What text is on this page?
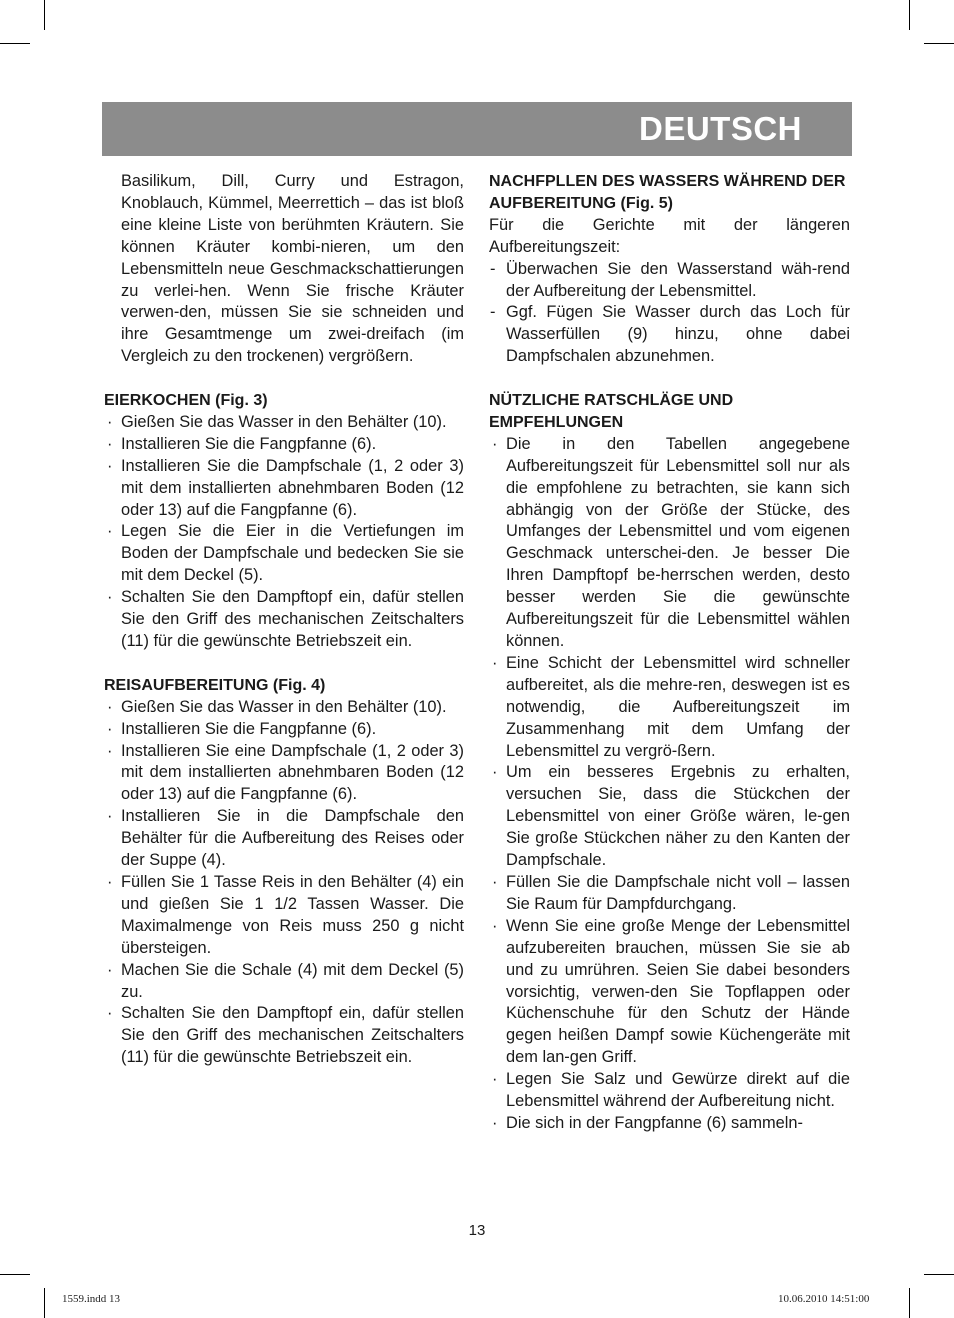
DEUTSCH
Basilikum, Dill, Curry und Estragon, Knoblauch, Kümmel, Meerrettich – das ist bloß eine kleine Liste von berühmten Kräutern. Sie können Kräuter kombi-nieren, um den Lebensmitteln neue Geschmackschattierungen zu verlei-hen. Wenn Sie frische Kräuter verwen-den, müssen Sie sie schneiden und ihre Gesamtmenge um zwei-dreifach (im Vergleich zu den trockenen) vergrößern.
EIERKOCHEN (Fig. 3)
· Gießen Sie das Wasser in den Behälter (10).
· Installieren Sie die Fangpfanne (6).
· Installieren Sie die Dampfschale (1, 2 oder 3) mit dem installierten abnehmbaren Boden (12 oder 13) auf die Fangpfanne (6).
· Legen Sie die Eier in die Vertiefungen im Boden der Dampfschale und bedecken Sie sie mit dem Deckel (5).
· Schalten Sie den Dampftopf ein, dafür stellen Sie den Griff des mechanischen Zeitschalters (11) für die gewünschte Betriebszeit ein.
REISAUFBEREITUNG (Fig. 4)
· Gießen Sie das Wasser in den Behälter (10).
· Installieren Sie die Fangpfanne (6).
· Installieren Sie eine Dampfschale (1, 2 oder 3) mit dem installierten abnehmbaren Boden (12 oder 13) auf die Fangpfanne (6).
· Installieren Sie in die Dampfschale den Behälter für die Aufbereitung des Reises oder der Suppe (4).
· Füllen Sie 1 Tasse Reis in den Behälter (4) ein und gießen Sie 1 1/2 Tassen Wasser. Die Maximalmenge von Reis muss 250 g nicht übersteigen.
· Machen Sie die Schale (4) mit dem Deckel (5) zu.
· Schalten Sie den Dampftopf ein, dafür stellen Sie den Griff des mechanischen Zeitschalters (11) für die gewünschte Betriebszeit ein.
NACHFPLLEN DES WASSERS WÄHREND DER AUFBEREITUNG (Fig. 5)
Für die Gerichte mit der längeren Aufbereitungszeit:
- Überwachen Sie den Wasserstand wäh-rend der Aufbereitung der Lebensmittel.
- Ggf. Fügen Sie Wasser durch das Loch für Wasserfüllen (9) hinzu, ohne dabei Dampfschalen abzunehmen.
NÜTZLICHE RATSCHLÄGE UND EMPFEHLUNGEN
· Die in den Tabellen angegebene Aufbereitungszeit für Lebensmittel soll nur als die empfohlene zu betrachten, sie kann sich abhängig von der Größe der Stücke, des Umfanges der Lebensmittel und vom eigenen Geschmack unterschei-den. Je besser Die Ihren Dampftopf be-herrschen werden, desto besser werden Sie die gewünschte Aufbereitungszeit für die Lebensmittel wählen können.
· Eine Schicht der Lebensmittel wird schneller aufbereitet, als die mehre-ren, deswegen ist es notwendig, die Aufbereitungszeit im Zusammenhang mit dem Umfang der Lebensmittel zu vergrö-ßern.
· Um ein besseres Ergebnis zu erhalten, versuchen Sie, dass die Stückchen der Lebensmittel von einer Größe wären, le-gen Sie große Stückchen näher zu den Kanten der Dampfschale.
· Füllen Sie die Dampfschale nicht voll – lassen Sie Raum für Dampfdurchgang.
· Wenn Sie eine große Menge der Lebensmittel aufzubereiten brauchen, müssen Sie sie ab und zu umrühren. Seien Sie dabei besonders vorsichtig, verwen-den Sie Topflappen oder Küchenschuhe für den Schutz der Hände gegen heißen Dampf sowie Küchengeräte mit dem lan-gen Griff.
· Legen Sie Salz und Gewürze direkt auf die Lebensmittel während der Aufbereitung nicht.
· Die sich in der Fangpfanne (6) sammeln-
13
1559.indd 13	10.06.2010 14:51:00
